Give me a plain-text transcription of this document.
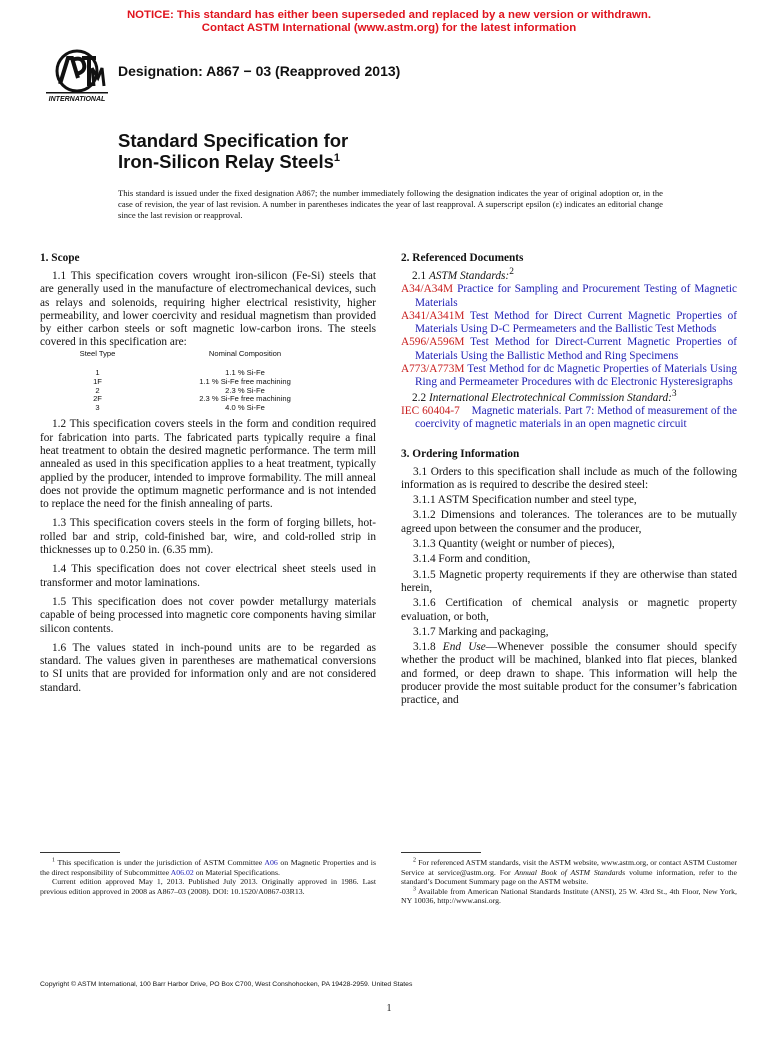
NOTICE: This standard has either been superseded and replaced by a new version or withdrawn.
Contact ASTM International (www.astm.org) for the latest information
INTERNATIONAL
Designation: A867 − 03 (Reapproved 2013)
Standard Specification for
Iron-Silicon Relay Steels$^1$
This standard is issued under the fixed designation A867; the number immediately following the designation indicates the year of original adoption or, in the case of revision, the year of last revision. A number in parentheses indicates the year of last reapproval. A superscript epsilon (ε) indicates an editorial change since the last revision or reapproval.
1. Scope

1.1 This specification covers wrought iron-silicon (Fe-Si) steels that are generally used in the manufacture of electromechanical devices, such as relays and solenoids, requiring higher electrical resistivity, higher permeability, and lower coercivity and residual magnetism than provided by either carbon steels or soft magnetic low-carbon irons. The steels covered in this specification are:

Steel Type	Nominal Composition
1	1.1 % Si-Fe
1F	1.1 % Si-Fe free machining
2	2.3 % Si-Fe
2F	2.3 % Si-Fe free machining
3	4.0 % Si-Fe

1.2 This specification covers steels in the form and condition required for fabrication into parts. The fabricated parts typically require a final heat treatment to obtain the desired magnetic performance. The term mill annealed as used in this specification applies to a heat treatment, typically applied by the producer, intended to improve formability. The mill anneal does not provide the optimum magnetic performance and is not intended to replace the need for the finish annealing of parts.

1.3 This specification covers steels in the form of forging billets, hot-rolled bar and strip, cold-finished bar, wire, and cold-rolled strip in thicknesses up to 0.250 in. (6.35 mm).

1.4 This specification does not cover electrical sheet steels used in transformer and motor laminations.

1.5 This specification does not cover powder metallurgy materials capable of being processed into magnetic core components having similar silicon contents.

1.6 The values stated in inch-pound units are to be regarded as standard. The values given in parentheses are mathematical conversions to SI units that are provided for information only and are not considered standard.

2. Referenced Documents
2.1 ASTM Standards:$^2$
A34/A34M Practice for Sampling and Procurement Testing of Magnetic Materials
A341/A341M Test Method for Direct Current Magnetic Properties of Materials Using D-C Permeameters and the Ballistic Test Methods
A596/A596M Test Method for Direct-Current Magnetic Properties of Materials Using the Ballistic Method and Ring Specimens
A773/A773M Test Method for dc Magnetic Properties of Materials Using Ring and Permeameter Procedures with dc Electronic Hysteresigraphs
2.2 International Electrotechnical Commission Standard:$^3$
IEC 60404-7 Magnetic materials. Part 7: Method of measurement of the coercivity of magnetic materials in an open magnetic circuit
3. Ordering Information

3.1 Orders to this specification shall include as much of the following information as is required to describe the desired steel:

3.1.1 ASTM Specification number and steel type,

3.1.2 Dimensions and tolerances. The tolerances are to be mutually agreed upon between the consumer and the producer,

3.1.3 Quantity (weight or number of pieces),

3.1.4 Form and condition,

3.1.5 Magnetic property requirements if they are otherwise than stated herein,

3.1.6 Certification of chemical analysis or magnetic property evaluation, or both,

3.1.7 Marking and packaging,

3.1.8 End Use—Whenever possible the consumer should specify whether the product will be machined, blanked into flat pieces, blanked and formed, or deep drawn to shape. This information will help the producer provide the most suitable product for the consumer’s fabrication practice, and

$^1$ This specification is under the jurisdiction of ASTM Committee A06 on Magnetic Properties and is the direct responsibility of Subcommittee A06.02 on Material Specifications.

Current edition approved May 1, 2013. Published July 2013. Originally approved in 1986. Last previous edition approved in 2008 as A867–03 (2008). DOI: 10.1520/A0867-03R13.

$^2$ For referenced ASTM standards, visit the ASTM website, www.astm.org, or contact ASTM Customer Service at service@astm.org. For Annual Book of ASTM Standards volume information, refer to the standard’s Document Summary page on the ASTM website.

$^3$ Available from American National Standards Institute (ANSI), 25 W. 43rd St., 4th Floor, New York, NY 10036, http://www.ansi.org.

Copyright © ASTM International, 100 Barr Harbor Drive, PO Box C700, West Conshohocken, PA 19428-2959. United States
1
